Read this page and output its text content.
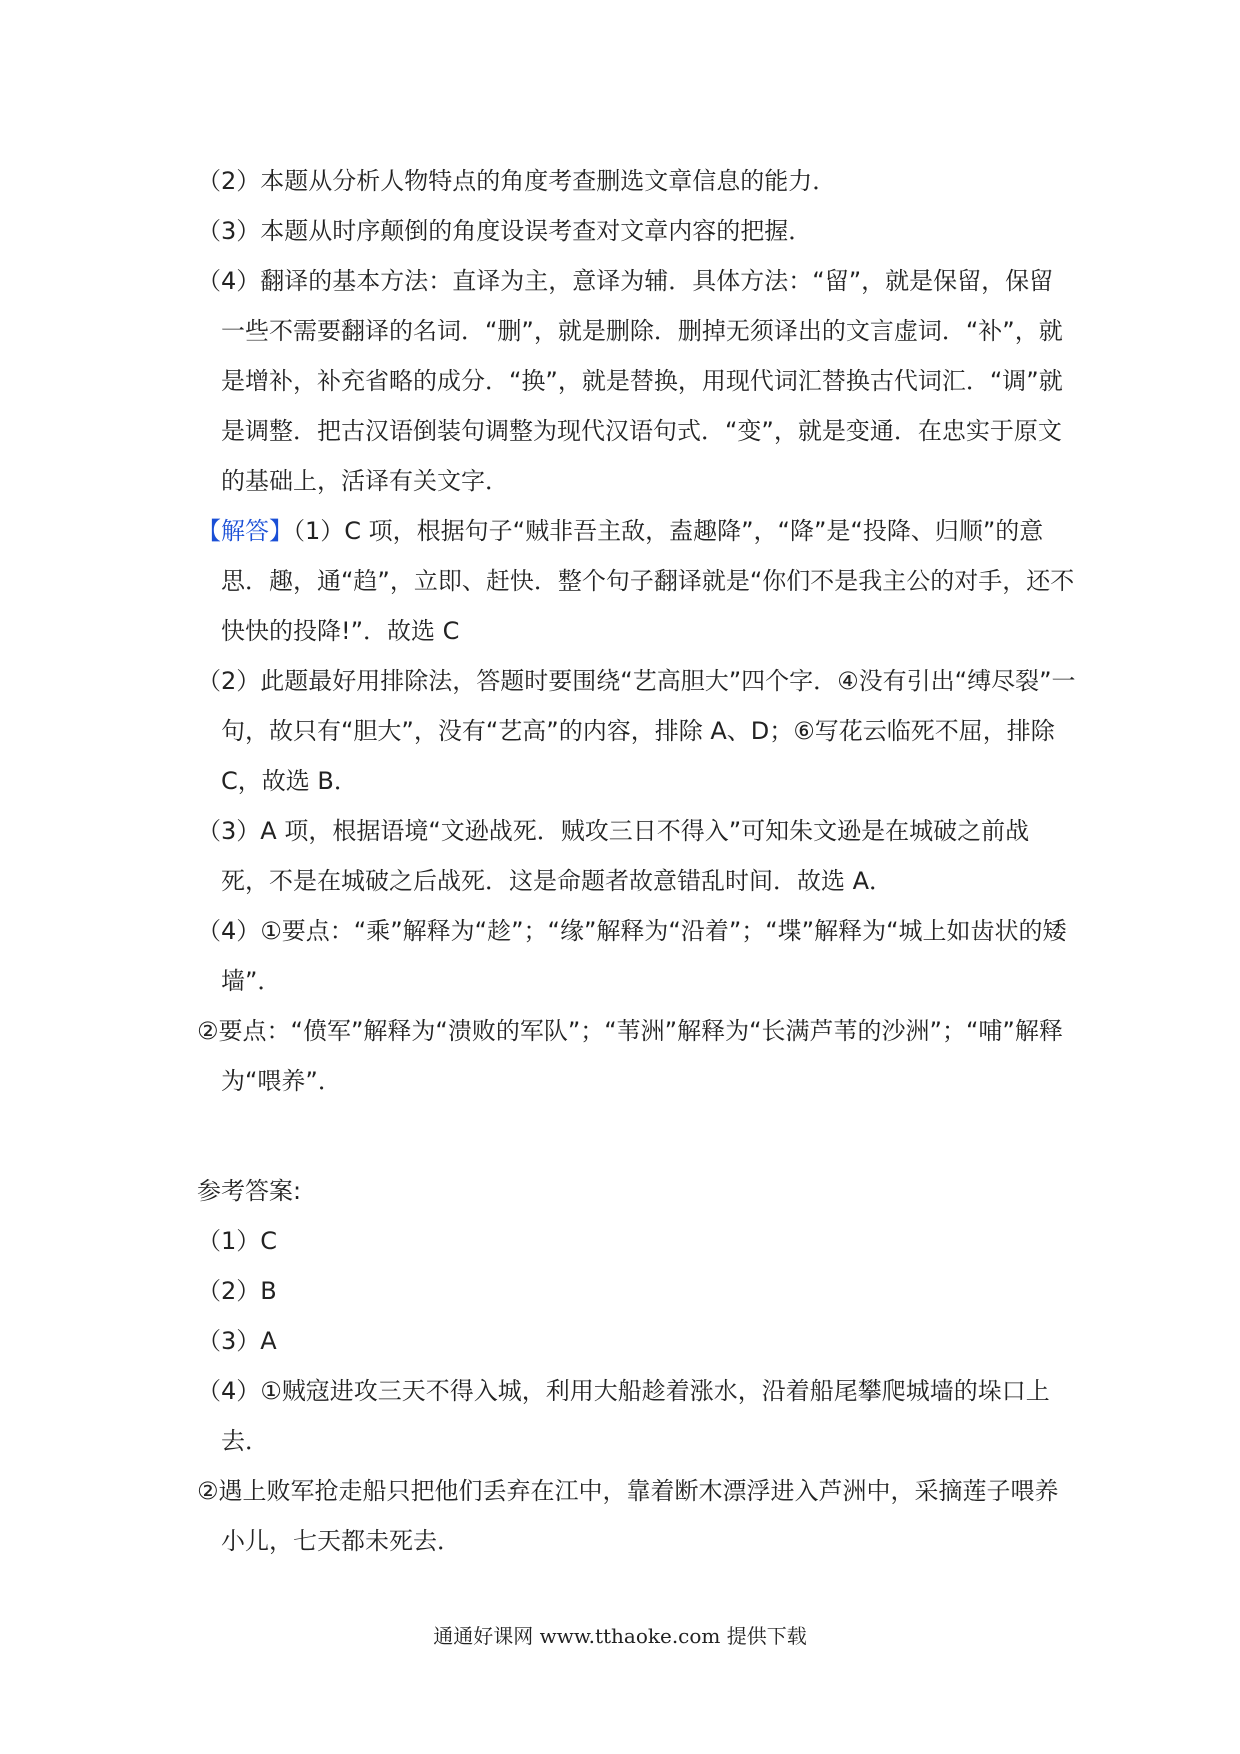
（2）本题从分析人物特点的角度考查删选文章信息的能力．

（3）本题从时序颠倒的角度设误考查对文章内容的把握．

（4）翻译的基本方法：直译为主，意译为辅．具体方法：“留”，就是保留，保留一些不需要翻译的名词．“删”，就是删除．删掉无须译出的文言虚词．“补”，就是增补，补充省略的成分．“换”，就是替换，用现代词汇替换古代词汇．“调”就是调整．把古汉语倒装句调整为现代汉语句式．“变”，就是变通．在忠实于原文的基础上，活译有关文字．

【解答】（1）C 项，根据句子“贼非吾主敌，盍趣降”，“降”是“投降、归顺”的意思．趣，通“趋”，立即、赶快．整个句子翻译就是“你们不是我主公的对手，还不快快的投降!”．故选 C

（2）此题最好用排除法，答题时要围绕“艺高胆大”四个字．④没有引出“缚尽裂”一句，故只有“胆大”，没有“艺高”的内容，排除 A、D；⑥写花云临死不屈，排除 C，故选 B．

（3）A 项，根据语境“文逊战死．贼攻三日不得入”可知朱文逊是在城破之前战死，不是在城破之后战死．这是命题者故意错乱时间．故选 A．

（4）①要点：“乘”解释为“趁”；“缘”解释为“沿着”；“堞”解释为“城上如齿状的矮墙”．

②要点：“偾军”解释为“溃败的军队”；“苇洲”解释为“长满芦苇的沙洲”；“哺”解释为“喂养”．

参考答案:

（1）C

（2）B

（3）A

（4）①贼寇进攻三天不得入城，利用大船趁着涨水，沿着船尾攀爬城墙的垛口上去．

②遇上败军抢走船只把他们丢弃在江中，靠着断木漂浮进入芦洲中，采摘莲子喂养小儿，七天都未死去．

通通好课网 www.tthaoke.com 提供下载
